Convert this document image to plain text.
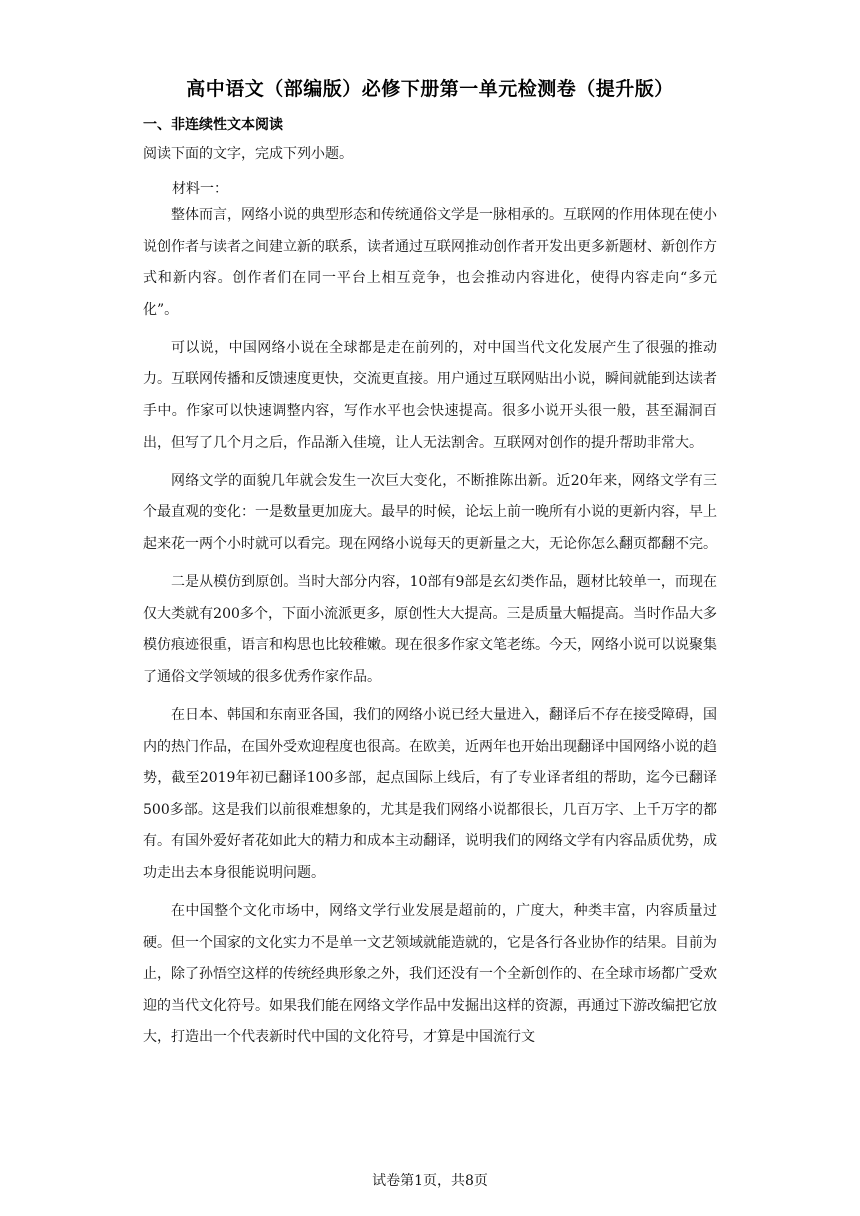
高中语文（部编版）必修下册第一单元检测卷（提升版）
一、非连续性文本阅读
阅读下面的文字，完成下列小题。
材料一：

整体而言，网络小说的典型形态和传统通俗文学是一脉相承的。互联网的作用体现在使小说创作者与读者之间建立新的联系，读者通过互联网推动创作者开发出更多新题材、新创作方式和新内容。创作者们在同一平台上相互竞争，也会推动内容进化，使得内容走向“多元化”。

可以说，中国网络小说在全球都是走在前列的，对中国当代文化发展产生了很强的推动力。互联网传播和反馈速度更快，交流更直接。用户通过互联网贴出小说，瞬间就能到达读者手中。作家可以快速调整内容，写作水平也会快速提高。很多小说开头很一般，甚至漏洞百出，但写了几个月之后，作品渐入佳境，让人无法割舍。互联网对创作的提升帮助非常大。

网络文学的面貌几年就会发生一次巨大变化，不断推陈出新。近20年来，网络文学有三个最直观的变化：一是数量更加庞大。最早的时候，论坛上前一晚所有小说的更新内容，早上起来花一两个小时就可以看完。现在网络小说每天的更新量之大，无论你怎么翻页都翻不完。

二是从模仿到原创。当时大部分内容，10部有9部是玄幻类作品，题材比较单一，而现在仅大类就有200多个，下面小流派更多，原创性大大提高。三是质量大幅提高。当时作品大多模仿痕迹很重，语言和构思也比较稚嫩。现在很多作家文笔老练。今天，网络小说可以说聚集了通俗文学领域的很多优秀作家作品。

在日本、韩国和东南亚各国，我们的网络小说已经大量进入，翻译后不存在接受障碍，国内的热门作品，在国外受欢迎程度也很高。在欧美，近两年也开始出现翻译中国网络小说的趋势，截至2019年初已翻译100多部，起点国际上线后，有了专业译者组的帮助，迄今已翻译500多部。这是我们以前很难想象的，尤其是我们网络小说都很长，几百万字、上千万字的都有。有国外爱好者花如此大的精力和成本主动翻译，说明我们的网络文学有内容品质优势，成功走出去本身很能说明问题。

在中国整个文化市场中，网络文学行业发展是超前的，广度大，种类丰富，内容质量过硬。但一个国家的文化实力不是单一文艺领域就能造就的，它是各行各业协作的结果。目前为止，除了孙悟空这样的传统经典形象之外，我们还没有一个全新创作的、在全球市场都广受欢迎的当代文化符号。如果我们能在网络文学作品中发掘出这样的资源，再通过下游改编把它放大，打造出一个代表新时代中国的文化符号，才算是中国流行文

试卷第1页，共8页
